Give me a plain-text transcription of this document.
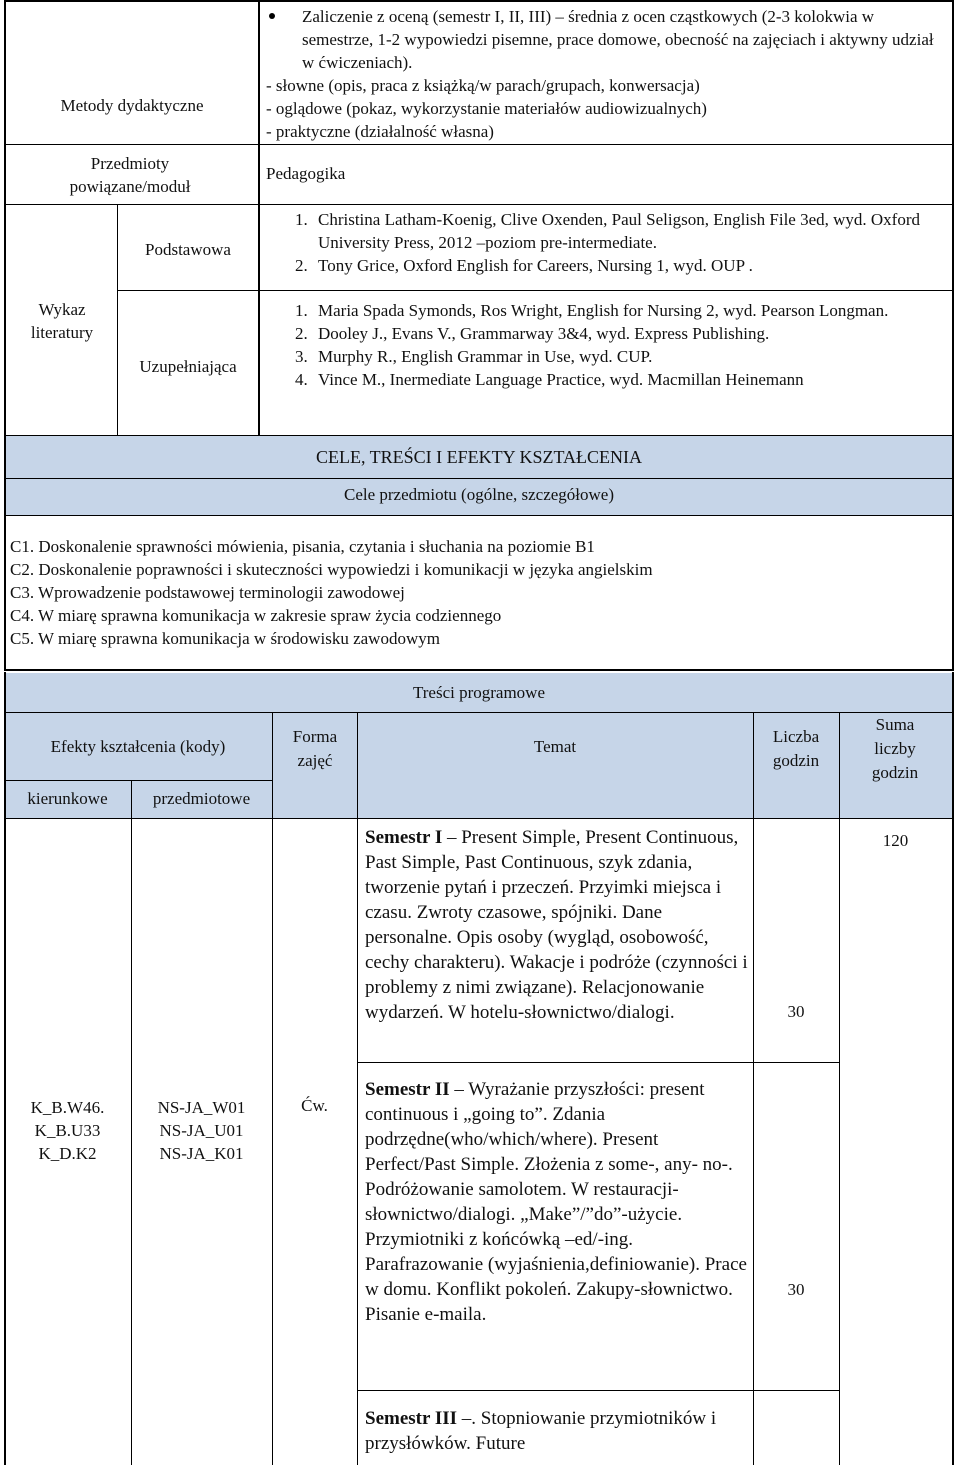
Metody dydaktyczne
Przedmioty powiązane/moduł
Wykaz literatury
Podstawowa
Uzupełniająca
Zaliczenie z oceną (semestr I, II, III) – średnia z ocen cząstkowych (2-3 kolokwia w semestrze, 1-2 wypowiedzi pisemne, prace domowe, obecność na zajęciach i aktywny udział w ćwiczeniach).
- słowne (opis, praca z książką/w parach/grupach, konwersacja)
- oglądowe (pokaz, wykorzystanie materiałów audiowizualnych)
- praktyczne (działalność własna)
Pedagogika
1. Christina Latham-Koenig, Clive Oxenden, Paul Seligson, English File 3ed, wyd. Oxford University Press, 2012 –poziom pre-intermediate.
2. Tony Grice, Oxford English for Careers, Nursing 1, wyd. OUP .
1. Maria Spada Symonds, Ros Wright, English for Nursing 2, wyd. Pearson Longman.
2. Dooley J., Evans V., Grammarway 3&4, wyd. Express Publishing.
3. Murphy R., English Grammar in Use, wyd. CUP.
4. Vince M., Inermediate Language Practice, wyd. Macmillan Heinemann
CELE, TREŚCI I EFEKTY KSZTAŁCENIA
Cele przedmiotu (ogólne, szczegółowe)
C1. Doskonalenie sprawności mówienia, pisania, czytania i słuchania na poziomie B1
C2. Doskonalenie poprawności i skuteczności wypowiedzi i komunikacji w języka angielskim
C3. Wprowadzenie podstawowej terminologii zawodowej
C4. W miarę sprawna komunikacja w zakresie spraw życia codziennego
C5. W miarę sprawna komunikacja w środowisku zawodowym
Treści programowe
Efekty kształcenia (kody)
Forma zajęć
Temat
Liczba godzin
Suma liczby godzin
kierunkowe	przedmiotowe
120
K_B.W46.
K_B.U33
K_D.K2
NS-JA_W01
NS-JA_U01
NS-JA_K01
Ćw.
Semestr I – Present Simple, Present Continuous, Past Simple, Past Continuous, szyk zdania, tworzenie pytań i przeczeń. Przyimki miejsca i czasu. Zwroty czasowe, spójniki. Dane personalne. Opis osoby (wygląd, osobowość, cechy charakteru). Wakacje i podróże (czynności i problemy z nimi związane). Relacjonowanie wydarzeń. W hotelu-słownictwo/dialogi.	30
Semestr II – Wyrażanie przyszłości: present continuous i „going to”. Zdania podrzędne(who/which/where). Present Perfect/Past Simple. Złożenia z some-, any- no-. Podróżowanie samolotem. W restauracji-słownictwo/dialogi. „Make”/”do”-użycie. Przymiotniki z końcówką –ed/-ing. Parafrazowanie (wyjaśnienia,definiowanie). Prace w domu. Konflikt pokoleń. Zakupy-słownictwo. Pisanie e-maila.
30
Semestr III –. Stopniowanie przymiotników i przysłówków. Future
